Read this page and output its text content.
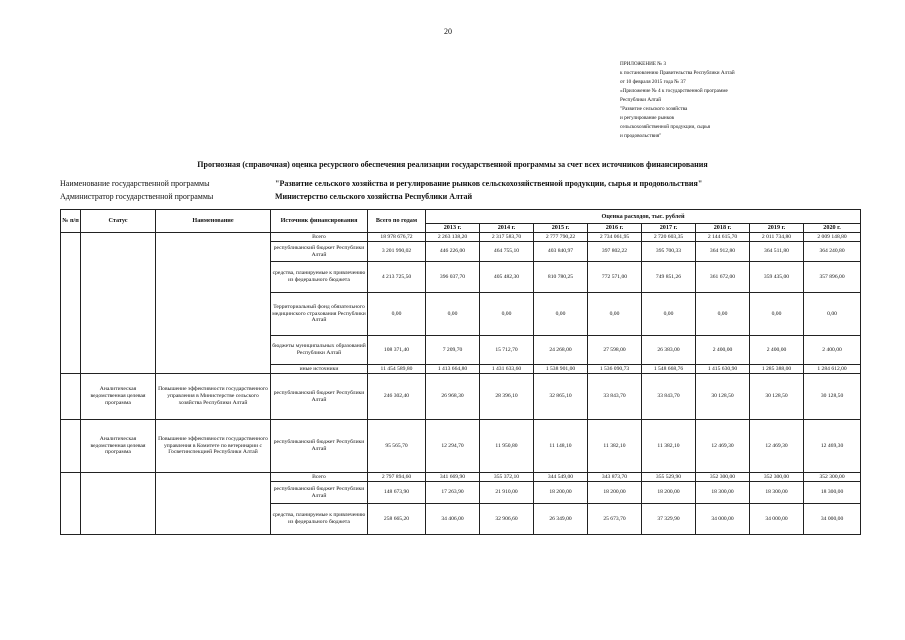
20
ПРИЛОЖЕНИЕ № 3
к постановлению Правительства Республики Алтай
от 10 февраля 2015 года № 37
«Приложение № 4 к государственной программе
Республики Алтай
"Развитие сельского хозяйства
и регулирование рынков
сельскохозяйственной продукции, сырья
и продовольствия"
Прогнозная (справочная) оценка ресурсного обеспечения реализации государственной программы за счет всех источников финансирования
Наименование государственной программы	"Развитие сельского хозяйства и регулирование рынков сельскохозяйственной продукции, сырья и продовольствия"
Администратор государственной программы	Министерство сельского хозяйства Республики Алтай
№ п/п	Статус	Наименование	Источник финансирования	Всего по годам	Оценка расходов, тыс. рублей							
					2013 г.	2014 г.	2015 г.	2016 г.	2017 г.	2018 г.	2019 г.	2020 г.
			Всего	18 978 676,72	2 263 138,20	2 317 583,70	2 777 790,22	2 734 061,95	2 720 603,35	2 144 615,70	2 011 734,80	2 009 148,80
			республиканский бюджет Республики Алтай	3 201 990,02	446 226,00	464 755,10	403 840,97	397 802,22	395 700,33	364 912,80	364 511,80	364 240,80
			средства, планируемые к привлечению из федерального бюджета	4 213 725,50	396 037,70	405 482,30	810 780,25	772 571,00	749 851,26	361 672,00	359 435,00	357 896,00
			Территориальный фонд обязательного медицинского страхования Республики Алтай	0,00	0,00	0,00	0,00	0,00	0,00	0,00	0,00	0,00
			бюджеты муниципальных образований Республики Алтай	108 371,40	7 209,70	15 712,70	24 268,00	27 598,00	26 383,00	2 400,00	2 400,00	2 400,00
			иные источники	11 454 589,80	1 413 664,80	1 431 633,60	1 538 901,00	1 536 090,73	1 548 668,76	1 415 630,90	1 285 388,00	1 284 612,00
	Аналитическая ведомственная целевая программа	Повышение эффективности государственного управления в Министерстве сельского хозяйства Республики Алтай	республиканский бюджет Республики Алтай	246 302,40	26 968,30	28 396,10	32 865,10	33 843,70	33 843,70	30 128,50	30 128,50	30 128,50
	Аналитическая ведомственная целевая программа	Повышение эффективности государственного управления в Комитете по ветеринарии с Госветинспекцией Республики Алтай	республиканский бюджет Республики Алтай	95 565,70	12 294,70	11 950,80	11 148,10	11 382,10	11 382,10	12 469,30	12 469,30	12 469,30
			Всего	2 797 894,60	341 669,90	355 372,10	344 549,00	343 873,70	355 529,90	352 300,00	352 300,00	352 300,00
			республиканский бюджет Республики Алтай	148 673,90	17 263,90	21 910,00	18 200,00	18 200,00	18 200,00	18 300,00	18 300,00	18 300,00
			средства, планируемые к привлечению из федерального бюджета	258 665,20	34 406,00	32 906,60	26 349,00	25 673,70	37 329,90	34 000,00	34 000,00	34 000,00
